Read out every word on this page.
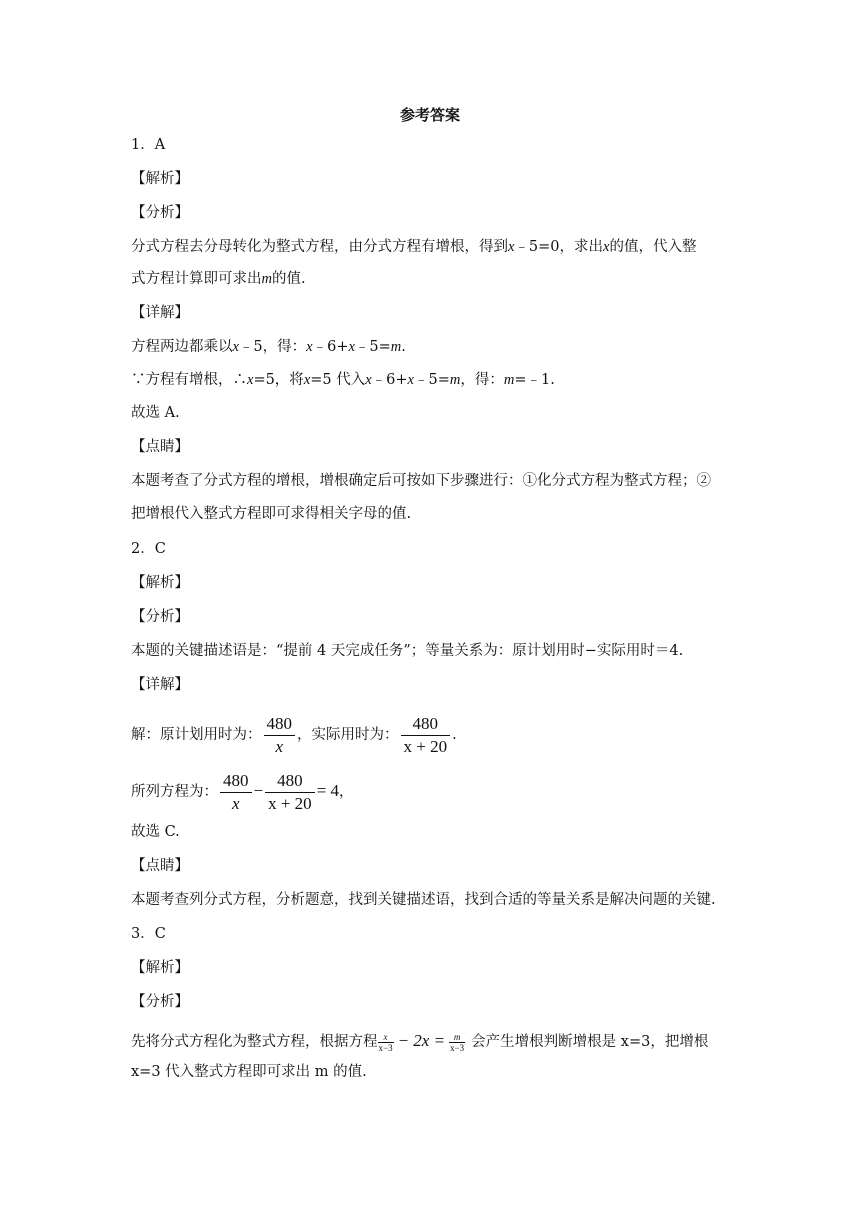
参考答案
1．A
【解析】
【分析】
分式方程去分母转化为整式方程，由分式方程有增根，得到x﹣5=0，求出x的值，代入整
式方程计算即可求出m的值.
【详解】
方程两边都乘以x﹣5，得：x﹣6+x﹣5=m.
∵方程有增根，∴x=5，将x=5 代入x﹣6+x﹣5=m，得：m=﹣1.
故选 A.
【点睛】
本题考查了分式方程的增根，增根确定后可按如下步骤进行：①化分式方程为整式方程；②
把增根代入整式方程即可求得相关字母的值.
2．C
【解析】
【分析】
本题的关键描述语是：“提前 4 天完成任务”；等量关系为：原计划用时−实际用时＝4.
【详解】
解：原计划用时为： $\frac{480}{x}$ ，实际用时为： $\frac{480}{x + 20}$ .
所列方程为： $\frac{480}{x} - \frac{480}{x + 20} = 4$，
故选 C.
【点睛】
本题考查列分式方程，分析题意，找到关键描述语，找到合适的等量关系是解决问题的关键.
3．C
【解析】
【分析】
先将分式方程化为整式方程，根据方程 $\frac{x}{x-3} - 2x = \frac{m}{x-3}$ 会产生增根判断增根是 x=3，把增根
x=3 代入整式方程即可求出 m 的值.
